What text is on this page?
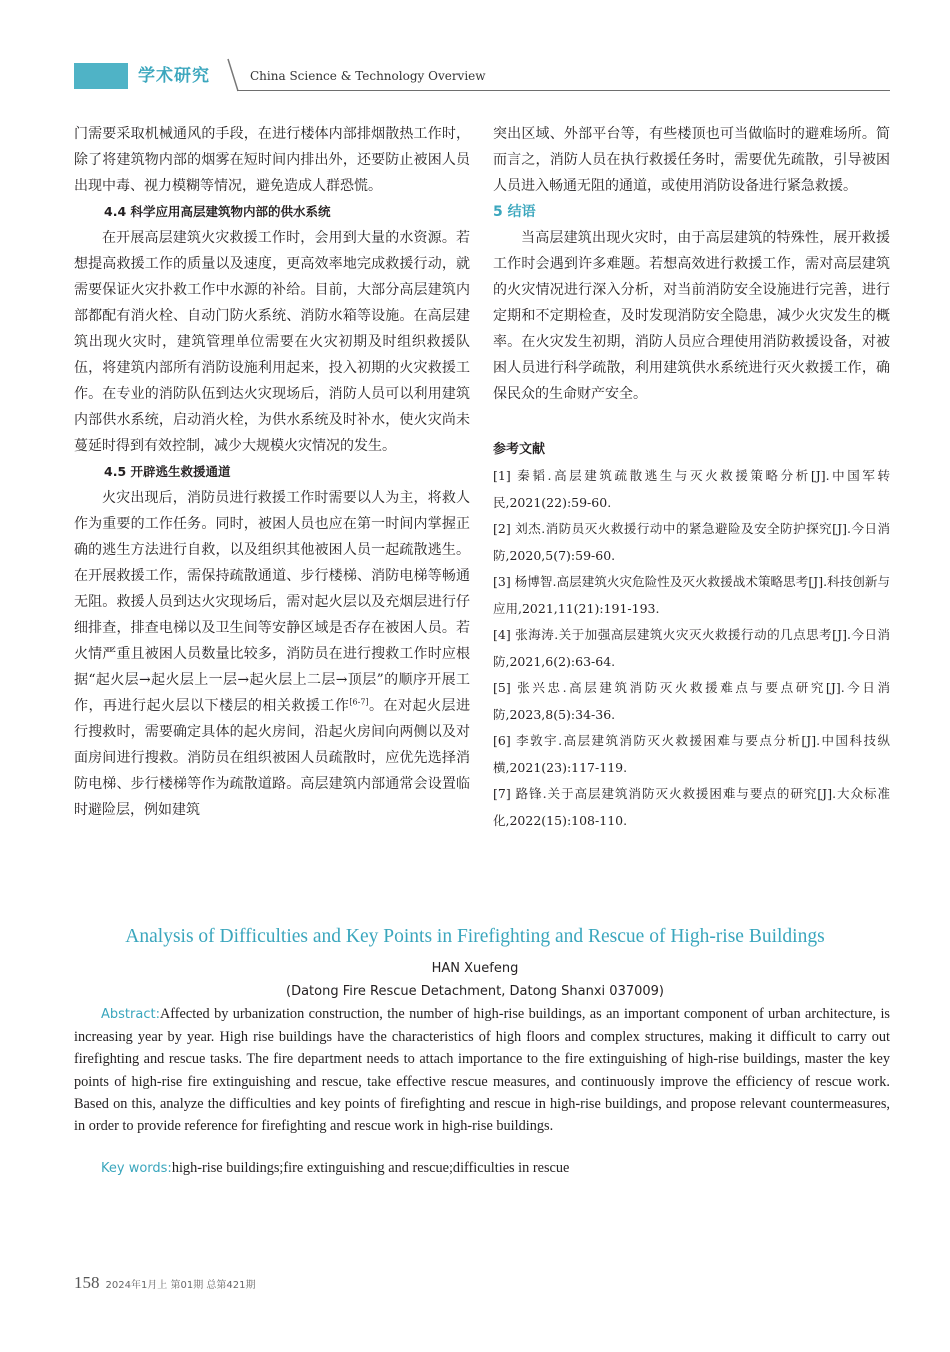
学术研究	China Science & Technology Overview

门需要采取机械通风的手段，在进行楼体内部排烟散热工作时，除了将建筑物内部的烟雾在短时间内排出外，还要防止被困人员出现中毒、视力模糊等情况，避免造成人群恐慌。

4.4 科学应用高层建筑物内部的供水系统

在开展高层建筑火灾救援工作时，会用到大量的水资源。若想提高救援工作的质量以及速度，更高效率地完成救援行动，就需要保证火灾扑救工作中水源的补给。目前，大部分高层建筑内部都配有消火栓、自动门防火系统、消防水箱等设施。在高层建筑出现火灾时，建筑管理单位需要在火灾初期及时组织救援队伍，将建筑内部所有消防设施利用起来，投入初期的火灾救援工作。在专业的消防队伍到达火灾现场后，消防人员可以利用建筑内部供水系统，启动消火栓，为供水系统及时补水，使火灾尚未蔓延时得到有效控制，减少大规模火灾情况的发生。

4.5 开辟逃生救援通道

火灾出现后，消防员进行救援工作时需要以人为主，将救人作为重要的工作任务。同时，被困人员也应在第一时间内掌握正确的逃生方法进行自救，以及组织其他被困人员一起疏散逃生。在开展救援工作，需保持疏散通道、步行楼梯、消防电梯等畅通无阻。救援人员到达火灾现场后，需对起火层以及充烟层进行仔细排查，排查电梯以及卫生间等安静区域是否存在被困人员。若火情严重且被困人员数量比较多，消防员在进行搜救工作时应根据“起火层→起火层上一层→起火层上二层→顶层”的顺序开展工作，再进行起火层以下楼层的相关救援工作[6-7]。在对起火层进行搜救时，需要确定具体的起火房间，沿起火房间向两侧以及对面房间进行搜救。消防员在组织被困人员疏散时，应优先选择消防电梯、步行楼梯等作为疏散道路。高层建筑内部通常会设置临时避险层，例如建筑

突出区域、外部平台等，有些楼顶也可当做临时的避难场所。简而言之，消防人员在执行救援任务时，需要优先疏散，引导被困人员进入畅通无阻的通道，或使用消防设备进行紧急救援。

5 结语

当高层建筑出现火灾时，由于高层建筑的特殊性，展开救援工作时会遇到许多难题。若想高效进行救援工作，需对高层建筑的火灾情况进行深入分析，对当前消防安全设施进行完善，进行定期和不定期检查，及时发现消防安全隐患，减少火灾发生的概率。在火灾发生初期，消防人员应合理使用消防救援设备，对被困人员进行科学疏散，利用建筑供水系统进行灭火救援工作，确保民众的生命财产安全。

参考文献

[1] 秦韬.高层建筑疏散逃生与灭火救援策略分析[J].中国军转民,2021(22):59-60.

[2] 刘杰.消防员灭火救援行动中的紧急避险及安全防护探究[J].今日消防,2020,5(7):59-60.

[3] 杨博智.高层建筑火灾危险性及灭火救援战术策略思考[J].科技创新与应用,2021,11(21):191-193.

[4] 张海涛.关于加强高层建筑火灾灭火救援行动的几点思考[J].今日消防,2021,6(2):63-64.

[5] 张兴忠.高层建筑消防灭火救援难点与要点研究[J].今日消防,2023,8(5):34-36.

[6] 李敦宇.高层建筑消防灭火救援困难与要点分析[J].中国科技纵横,2021(23):117-119.

[7] 路锋.关于高层建筑消防灭火救援困难与要点的研究[J].大众标准化,2022(15):108-110.

Analysis of Difficulties and Key Points in Firefighting and Rescue of High-rise Buildings
HAN Xuefeng
(Datong Fire Rescue Detachment, Datong Shanxi 037009)

Abstract:Affected by urbanization construction, the number of high-rise buildings, as an important component of urban architecture, is increasing year by year. High rise buildings have the characteristics of high floors and complex structures, making it difficult to carry out firefighting and rescue tasks. The fire department needs to attach importance to the fire extinguishing of high-rise buildings, master the key points of high-rise fire extinguishing and rescue, take effective rescue measures, and continuously improve the efficiency of rescue work. Based on this, analyze the difficulties and key points of firefighting and rescue in high-rise buildings, and propose relevant countermeasures, in order to provide reference for firefighting and rescue work in high-rise buildings.

Key words:high-rise buildings;fire extinguishing and rescue;difficulties in rescue

158 2024年1月上 第01期 总第421期
